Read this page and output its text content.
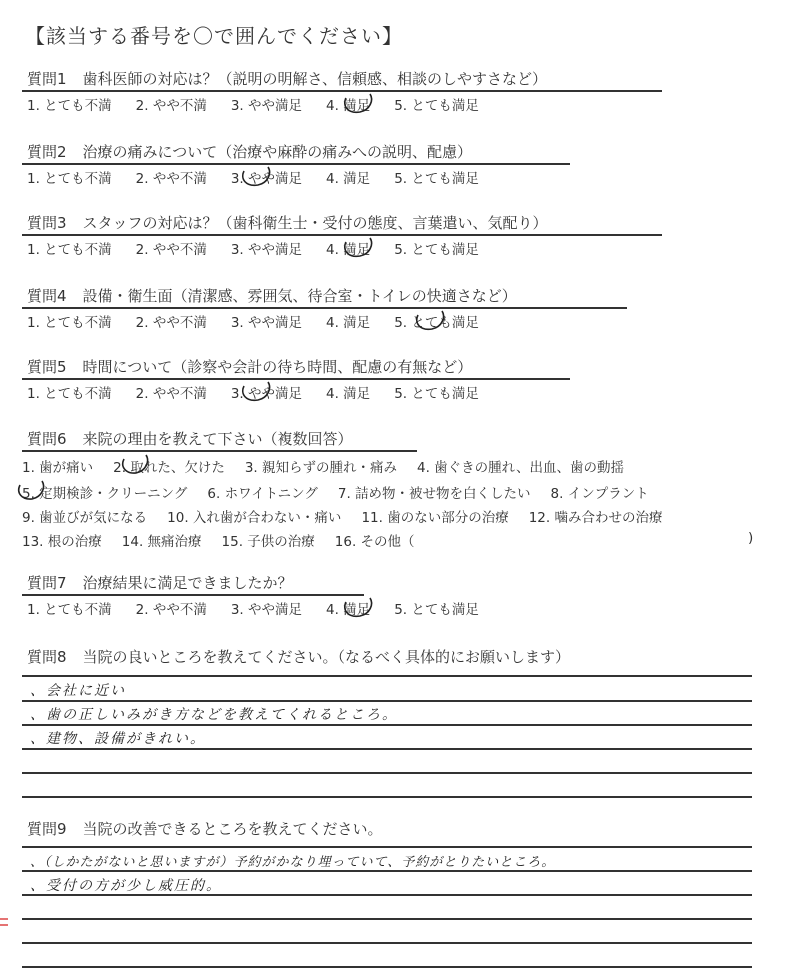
【該当する番号を〇で囲んでください】
質問1 歯科医師の対応は？（説明の明解さ、信頼感、相談のしやすさなど）
1. とても不満 2. やや不満 3. やや満足 4. 満足 5. とても満足
質問2 治療の痛みについて（治療や麻酔の痛みへの説明、配慮）
1. とても不満 2. やや不満 3. やや満足 4. 満足 5. とても満足
質問3 スタッフの対応は？（歯科衛生士・受付の態度、言葉遣い、気配り）
1. とても不満 2. やや不満 3. やや満足 4. 満足 5. とても満足
質問4 設備・衛生面（清潔感、雰囲気、待合室・トイレの快適さなど）
1. とても不満 2. やや不満 3. やや満足 4. 満足 5. とても満足
質問5 時間について（診察や会計の待ち時間、配慮の有無など）
1. とても不満 2. やや不満 3. やや満足 4. 満足 5. とても満足
質問6 来院の理由を教えて下さい（複数回答）
1. 歯が痛い 2. 取れた、欠けた 3. 親知らずの腫れ・痛み 4. 歯ぐきの腫れ、出血、歯の動揺
5. 定期検診・クリーニング 6. ホワイトニング 7. 詰め物・被せ物を白くしたい 8. インプラント
9. 歯並びが気になる 10. 入れ歯が合わない・痛い 11. 歯のない部分の治療 12. 噛み合わせの治療
13. 根の治療 14. 無痛治療 15. 子供の治療 16. その他（	)
質問7 治療結果に満足できましたか？
1. とても不満 2. やや不満 3. やや満足 4. 満足 5. とても満足
質問8 当院の良いところを教えてください。（なるべく具体的にお願いします）
、会社に近い
、歯の正しいみがき方などを教えてくれるところ。
、建物、設備がきれい。
質問9 当院の改善できるところを教えてください。
、（しかたがないと思いますが）予約がかなり埋っていて、予約がとりたいところ。
、受付の方が少し威圧的。
